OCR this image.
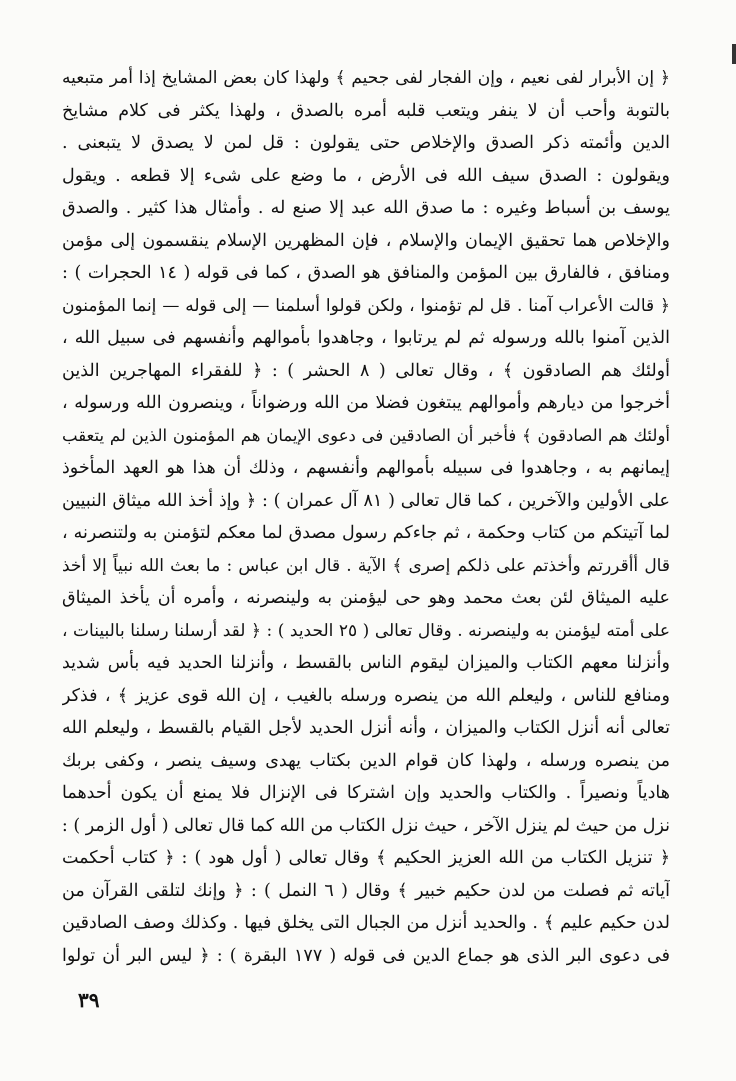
﴿ إن الأبرار لفى نعيم ، وإن الفجار لفى جحيم ﴾ ولهذا كان بعض المشايخ إذا أمر متبعيه
بالتوبة وأحب أن لا ينفر ويتعب قلبه أمره بالصدق ، ولهذا يكثر فى كلام مشايخ
الدين وأئمته ذكر الصدق والإخلاص حتى يقولون : قل لمن لا يصدق لا يتبعنى .
ويقولون : الصدق سيف الله فى الأرض ، ما وضع على شىء إلا قطعه . ويقول
يوسف بن أسباط وغيره : ما صدق الله عبد إلا صنع له . وأمثال هذا كثير . والصدق
والإخلاص هما تحقيق الإيمان والإسلام ، فإن المظهرين الإسلام ينقسمون إلى مؤمن
ومنافق ، فالفارق بين المؤمن والمنافق هو الصدق ، كما فى قوله ( ١٤ الحجرات ) :
﴿ قالت الأعراب آمنا . قل لم تؤمنوا ، ولكن قولوا أسلمنا — إلى قوله — إنما المؤمنون
الذين آمنوا بالله ورسوله ثم لم يرتابوا ، وجاهدوا بأموالهم وأنفسهم فى سبيل الله ،
أولئك هم الصادقون ﴾ ، وقال تعالى ( ٨ الحشر ) : ﴿ للفقراء المهاجرين الذين
أخرجوا من ديارهم وأموالهم يبتغون فضلا من الله ورضواناً ، وينصرون الله ورسوله ،
أولئك هم الصادقون ﴾ فأخبر أن الصادقين فى دعوى الإيمان هم المؤمنون الذين لم يتعقب
إيمانهم به ، وجاهدوا فى سبيله بأموالهم وأنفسهم ، وذلك أن هذا هو العهد المأخوذ
على الأولين والآخرين ، كما قال تعالى ( ٨١ آل عمران ) : ﴿ وإذ أخذ الله ميثاق النبيين
لما آتيتكم من كتاب وحكمة ، ثم جاءكم رسول مصدق لما معكم لتؤمنن به ولتنصرنه ،
قال أأقررتم وأخذتم على ذلكم إصرى ﴾ الآية . قال ابن عباس : ما بعث الله نبياً إلا أخذ
عليه الميثاق لئن بعث محمد وهو حى ليؤمنن به ولينصرنه ، وأمره أن يأخذ الميثاق
على أمته ليؤمنن به ولينصرنه . وقال تعالى ( ٢٥ الحديد ) : ﴿ لقد أرسلنا رسلنا بالبينات ،
وأنزلنا معهم الكتاب والميزان ليقوم الناس بالقسط ، وأنزلنا الحديد فيه بأس شديد
ومنافع للناس ، وليعلم الله من ينصره ورسله بالغيب ، إن الله قوى عزيز ﴾ ، فذكر
تعالى أنه أنزل الكتاب والميزان ، وأنه أنزل الحديد لأجل القيام بالقسط ، وليعلم الله
من ينصره ورسله ، ولهذا كان قوام الدين بكتاب يهدى وسيف ينصر ، وكفى بربك
هادياً ونصيراً . والكتاب والحديد وإن اشتركا فى الإنزال فلا يمنع أن يكون أحدهما
نزل من حيث لم ينزل الآخر ، حيث نزل الكتاب من الله كما قال تعالى ( أول الزمر ) :
﴿ تنزيل الكتاب من الله العزيز الحكيم ﴾ وقال تعالى ( أول هود ) : ﴿ كتاب أحكمت
آياته ثم فصلت من لدن حكيم خبير ﴾ وقال ( ٦ النمل ) : ﴿ وإنك لتلقى القرآن من
لدن حكيم عليم ﴾ . والحديد أنزل من الجبال التى يخلق فيها . وكذلك وصف الصادقين
فى دعوى البر الذى هو جماع الدين فى قوله ( ١٧٧ البقرة ) : ﴿ ليس البر أن تولوا
٣٩
